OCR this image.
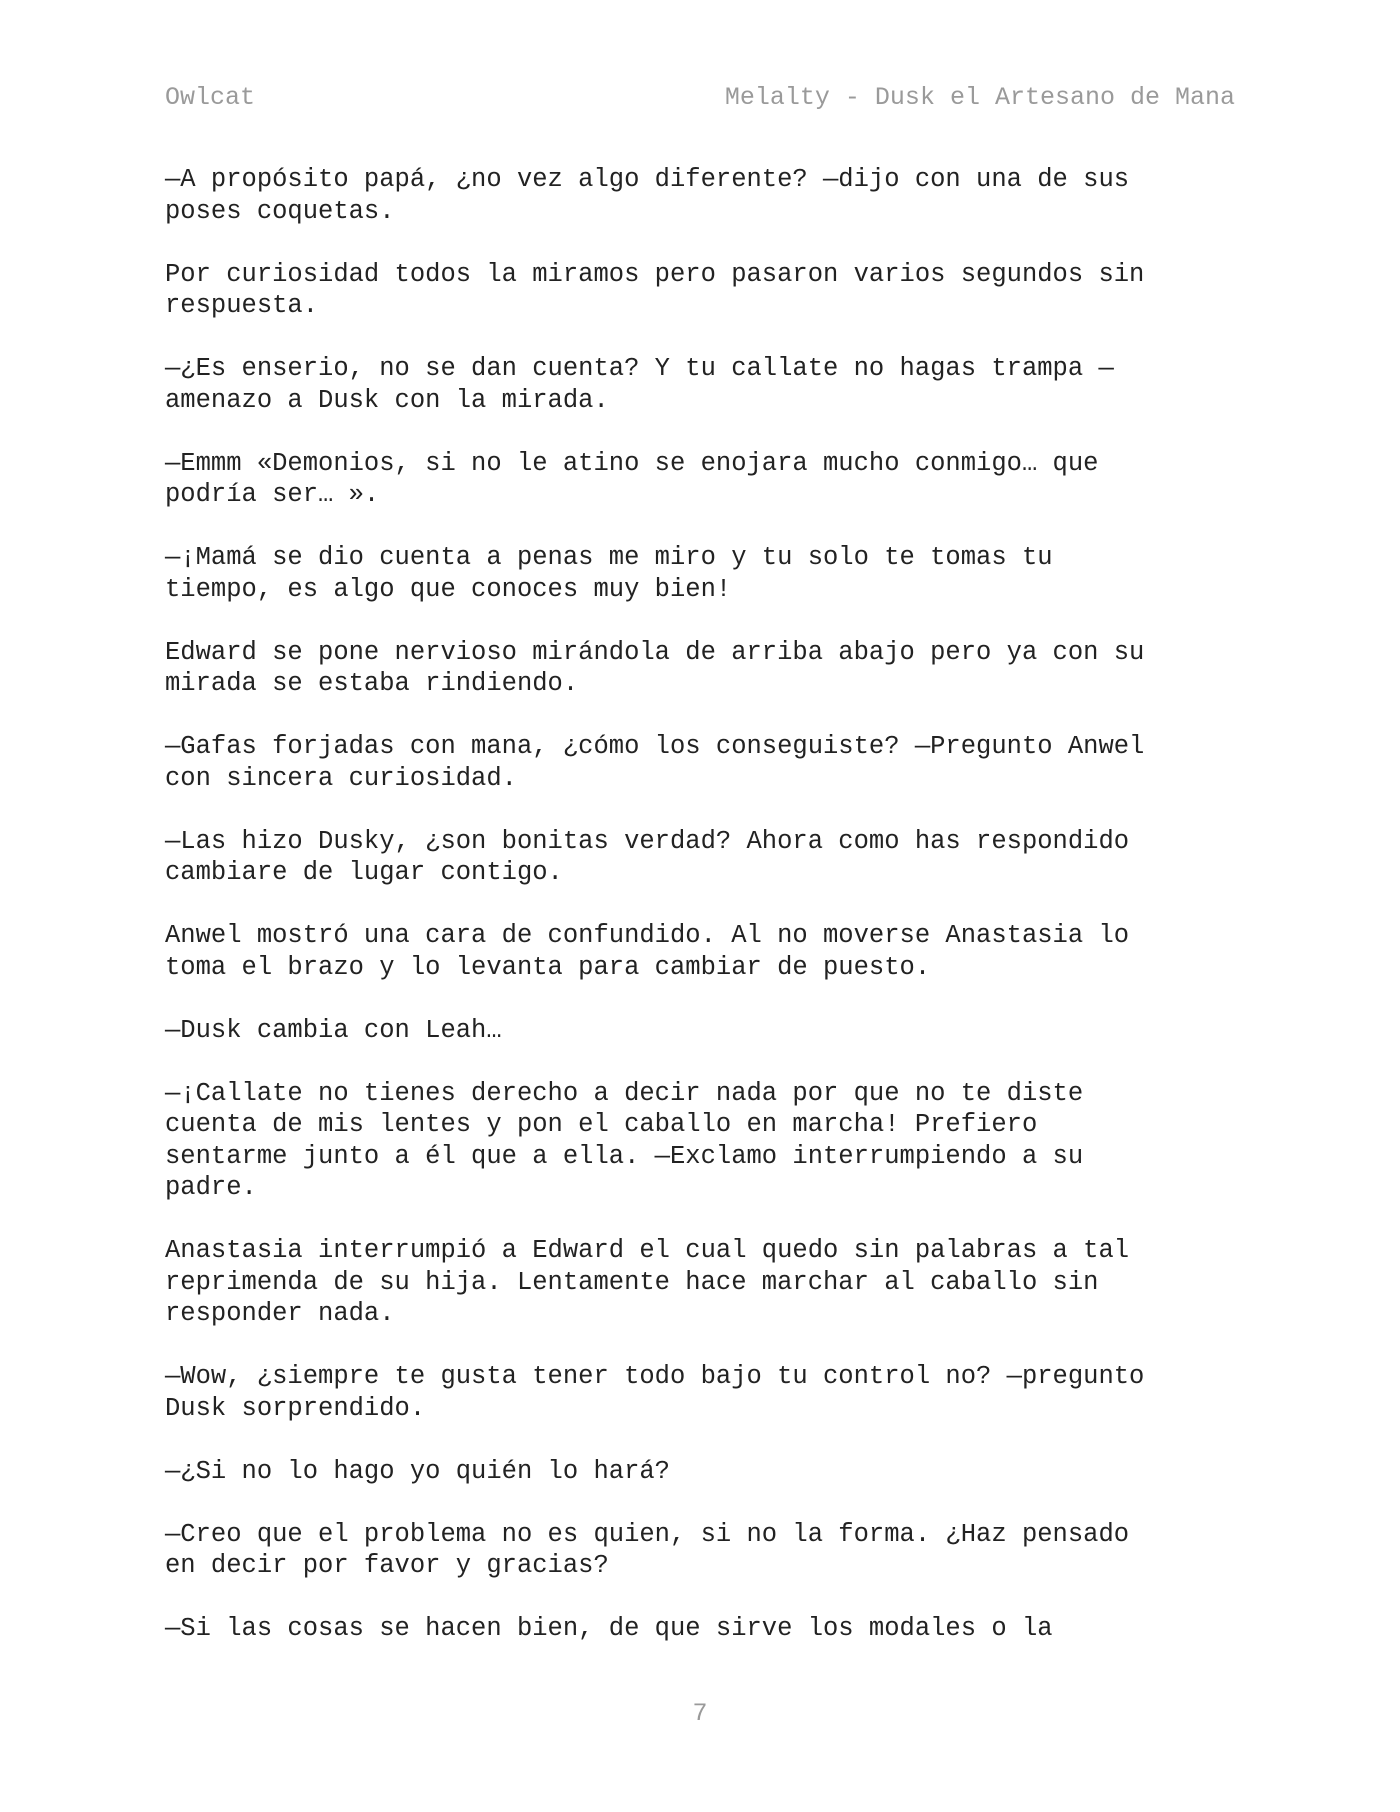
Owlcat	Melalty - Dusk el Artesano de Mana

—A propósito papá, ¿no vez algo diferente? —dijo con una de sus
poses coquetas.

Por curiosidad todos la miramos pero pasaron varios segundos sin
respuesta.

—¿Es enserio, no se dan cuenta? Y tu callate no hagas trampa —
amenazo a Dusk con la mirada.

—Emmm «Demonios, si no le atino se enojara mucho conmigo… que
podría ser… ».

—¡Mamá se dio cuenta a penas me miro y tu solo te tomas tu
tiempo, es algo que conoces muy bien!

Edward se pone nervioso mirándola de arriba abajo pero ya con su
mirada se estaba rindiendo.

—Gafas forjadas con mana, ¿cómo los conseguiste? —Pregunto Anwel
con sincera curiosidad.

—Las hizo Dusky, ¿son bonitas verdad? Ahora como has respondido
cambiare de lugar contigo.

Anwel mostró una cara de confundido. Al no moverse Anastasia lo
toma el brazo y lo levanta para cambiar de puesto.

—Dusk cambia con Leah…

—¡Callate no tienes derecho a decir nada por que no te diste
cuenta de mis lentes y pon el caballo en marcha! Prefiero
sentarme junto a él que a ella. —Exclamo interrumpiendo a su
padre.

Anastasia interrumpió a Edward el cual quedo sin palabras a tal
reprimenda de su hija. Lentamente hace marchar al caballo sin
responder nada.

—Wow, ¿siempre te gusta tener todo bajo tu control no? —pregunto
Dusk sorprendido.

—¿Si no lo hago yo quién lo hará?

—Creo que el problema no es quien, si no la forma. ¿Haz pensado
en decir por favor y gracias?

—Si las cosas se hacen bien, de que sirve los modales o la

7
